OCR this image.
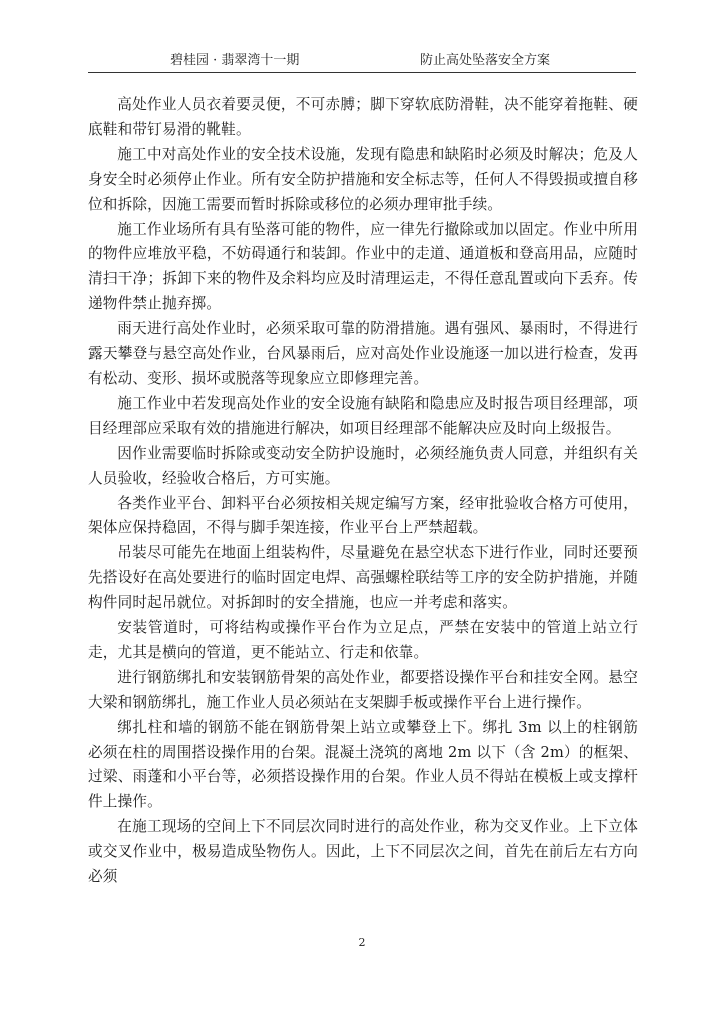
碧桂园 · 翡翠湾十一期	防止高处坠落安全方案

高处作业人员衣着要灵便，不可赤膊；脚下穿软底防滑鞋，决不能穿着拖鞋、硬底鞋和带钉易滑的靴鞋。

施工中对高处作业的安全技术设施，发现有隐患和缺陷时必须及时解决；危及人身安全时必须停止作业。所有安全防护措施和安全标志等，任何人不得毁损或擅自移位和拆除，因施工需要而暂时拆除或移位的必须办理审批手续。

施工作业场所有具有坠落可能的物件，应一律先行撤除或加以固定。作业中所用的物件应堆放平稳，不妨碍通行和装卸。作业中的走道、通道板和登高用品，应随时清扫干净；拆卸下来的物件及余料均应及时清理运走，不得任意乱置或向下丢弃。传递物件禁止抛弃掷。

雨天进行高处作业时，必须采取可靠的防滑措施。遇有强风、暴雨时，不得进行露天攀登与悬空高处作业，台风暴雨后，应对高处作业设施逐一加以进行检查，发再有松动、变形、损坏或脱落等现象应立即修理完善。

施工作业中若发现高处作业的安全设施有缺陷和隐患应及时报告项目经理部，项目经理部应采取有效的措施进行解决，如项目经理部不能解决应及时向上级报告。

因作业需要临时拆除或变动安全防护设施时，必须经施负责人同意，并组织有关人员验收，经验收合格后，方可实施。

各类作业平台、卸料平台必须按相关规定编写方案，经审批验收合格方可使用，架体应保持稳固，不得与脚手架连接，作业平台上严禁超载。

吊装尽可能先在地面上组装构件，尽量避免在悬空状态下进行作业，同时还要预先搭设好在高处要进行的临时固定电焊、高强螺栓联结等工序的安全防护措施，并随构件同时起吊就位。对拆卸时的安全措施，也应一并考虑和落实。

安装管道时，可将结构或操作平台作为立足点，严禁在安装中的管道上站立行走，尤其是横向的管道，更不能站立、行走和依靠。

进行钢筋绑扎和安装钢筋骨架的高处作业，都要搭设操作平台和挂安全网。悬空大梁和钢筋绑扎，施工作业人员必须站在支架脚手板或操作平台上进行操作。

绑扎柱和墙的钢筋不能在钢筋骨架上站立或攀登上下。绑扎 3m 以上的柱钢筋必须在柱的周围搭设操作用的台架。混凝土浇筑的离地 2m 以下（含 2m）的框架、过梁、雨蓬和小平台等，必须搭设操作用的台架。作业人员不得站在模板上或支撑杆件上操作。

在施工现场的空间上下不同层次同时进行的高处作业，称为交叉作业。上下立体或交叉作业中，极易造成坠物伤人。因此，上下不同层次之间，首先在前后左右方向必须

2
